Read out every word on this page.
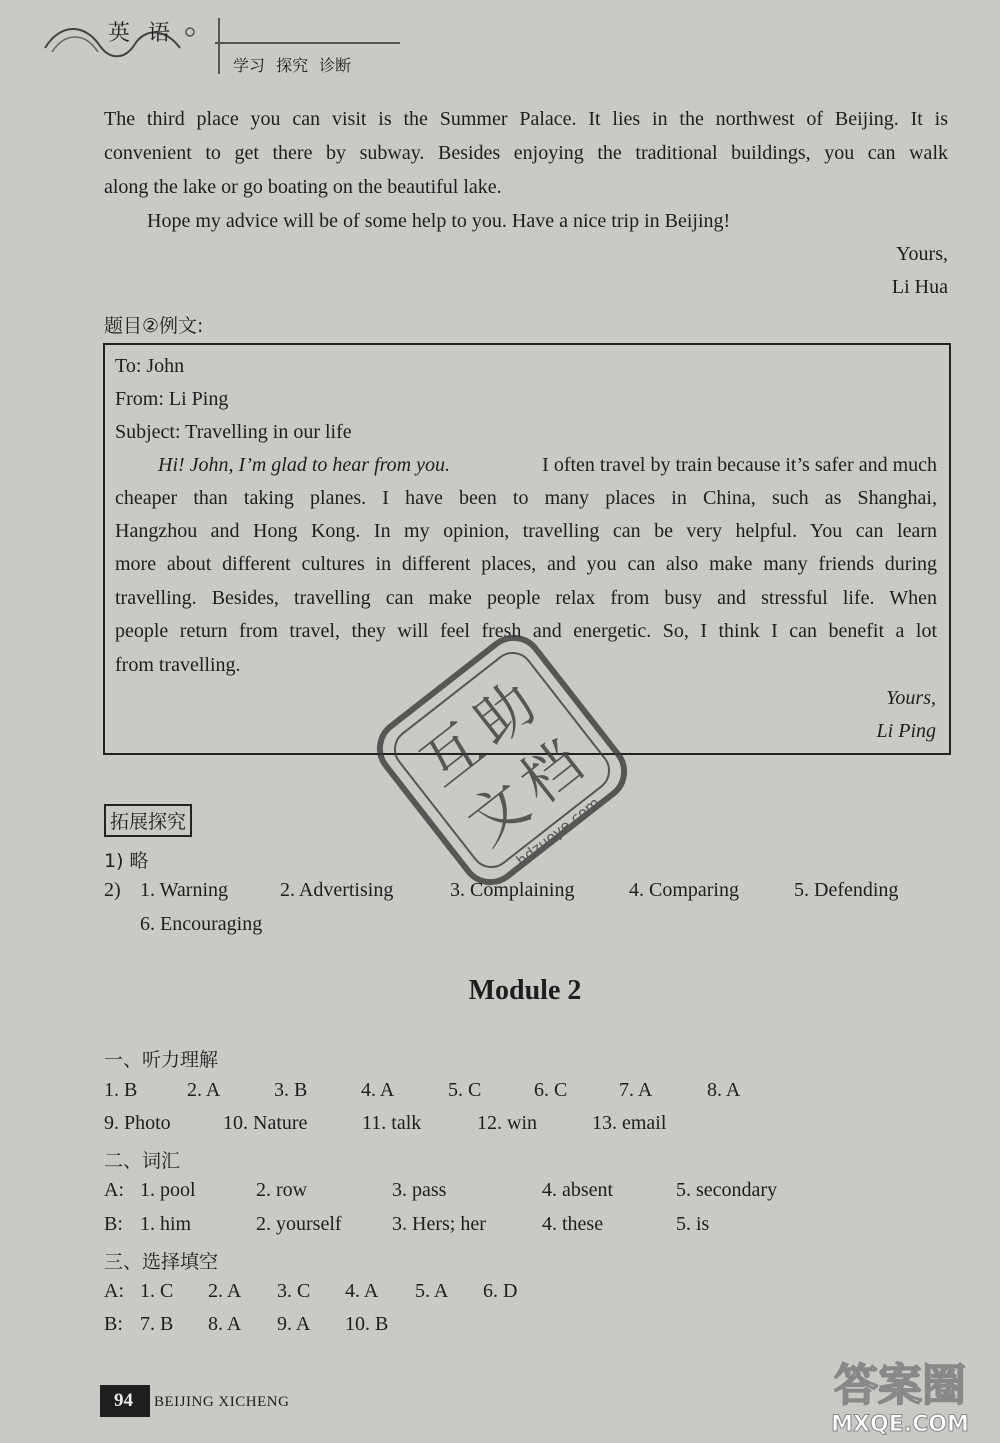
英语
学习 探究 诊断
The third place you can visit is the Summer Palace. It lies in the northwest of Beijing. It is
convenient to get there by subway. Besides enjoying the traditional buildings, you can walk
along the lake or go boating on the beautiful lake.
Hope my advice will be of some help to you. Have a nice trip in Beijing!
Yours,
Li Hua
题目②例文:
To: John
From: Li Ping
Subject: Travelling in our life
Hi! John, I’m glad to hear from you.	I often travel by train because it’s safer and much
cheaper than taking planes. I have been to many places in China, such as Shanghai,
Hangzhou and Hong Kong. In my opinion, travelling can be very helpful. You can learn
more about different cultures in different places, and you can also make many friends during
travelling. Besides, travelling can make people relax from busy and stressful life. When
people return from travel, they will feel fresh and energetic. So, I think I can benefit a lot
from travelling.
Yours,
Li Ping
互
助
文
档
hdzuoye.com
拓展探究
1) 略
2) 1. Warning	2. Advertising	3. Complaining	4. Comparing	5. Defending
6. Encouraging
Module 2
一、听力理解
1. B 2. A	3. B	4. A	5. C	6. C	7. A	8. A
9. Photo	10. Nature	11. talk	12. win	13. email
二、词汇
A: 1. pool	2. row	3. pass	4. absent	5. secondary
B: 1. him	2. yourself	3. Hers; her	4. these	5. is
三、选择填空
A: 1. C 2. A 3. C 4. A 5. A 6. D
B: 7. B 8. A 9. A 10. B
94 BEIJING XICHENG	答案圈
MXQE.COM
